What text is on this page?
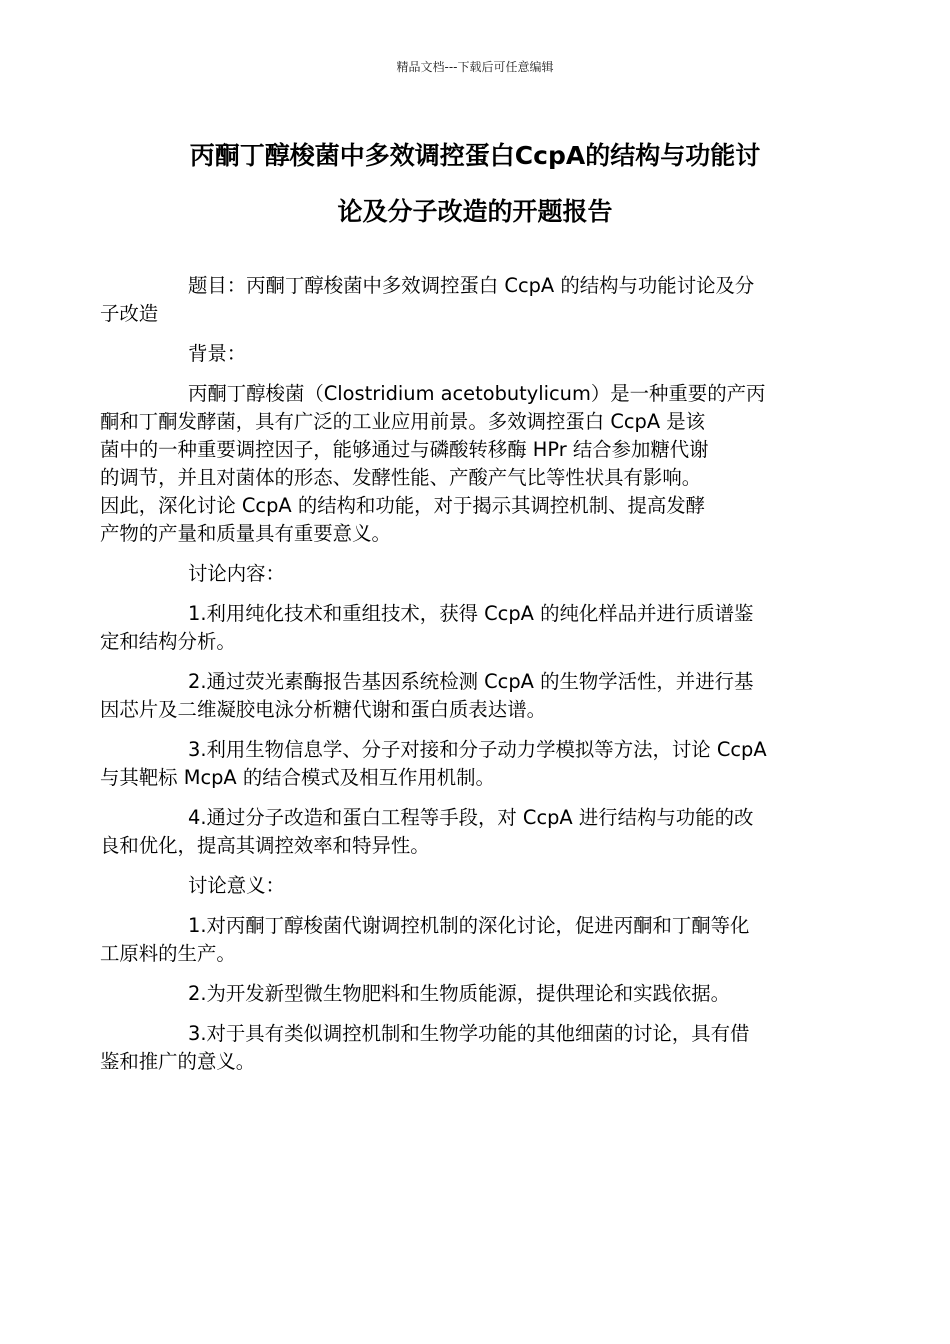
精品文档---下载后可任意编辑
丙酮丁醇梭菌中多效调控蛋白CcpA的结构与功能讨
论及分子改造的开题报告

题目：丙酮丁醇梭菌中多效调控蛋白 CcpA 的结构与功能讨论及分
子改造

背景：

丙酮丁醇梭菌（Clostridium acetobutylicum）是一种重要的产丙
酮和丁酮发酵菌，具有广泛的工业应用前景。多效调控蛋白 CcpA 是该
菌中的一种重要调控因子，能够通过与磷酸转移酶 HPr 结合参加糖代谢
的调节，并且对菌体的形态、发酵性能、产酸产气比等性状具有影响。
因此，深化讨论 CcpA 的结构和功能，对于揭示其调控机制、提高发酵
产物的产量和质量具有重要意义。

讨论内容：

1.利用纯化技术和重组技术，获得 CcpA 的纯化样品并进行质谱鉴
定和结构分析。

2.通过荧光素酶报告基因系统检测 CcpA 的生物学活性，并进行基
因芯片及二维凝胶电泳分析糖代谢和蛋白质表达谱。

3.利用生物信息学、分子对接和分子动力学模拟等方法，讨论 CcpA
与其靶标 McpA 的结合模式及相互作用机制。

4.通过分子改造和蛋白工程等手段，对 CcpA 进行结构与功能的改
良和优化，提高其调控效率和特异性。

讨论意义：

1.对丙酮丁醇梭菌代谢调控机制的深化讨论，促进丙酮和丁酮等化
工原料的生产。

2.为开发新型微生物肥料和生物质能源，提供理论和实践依据。

3.对于具有类似调控机制和生物学功能的其他细菌的讨论，具有借
鉴和推广的意义。
